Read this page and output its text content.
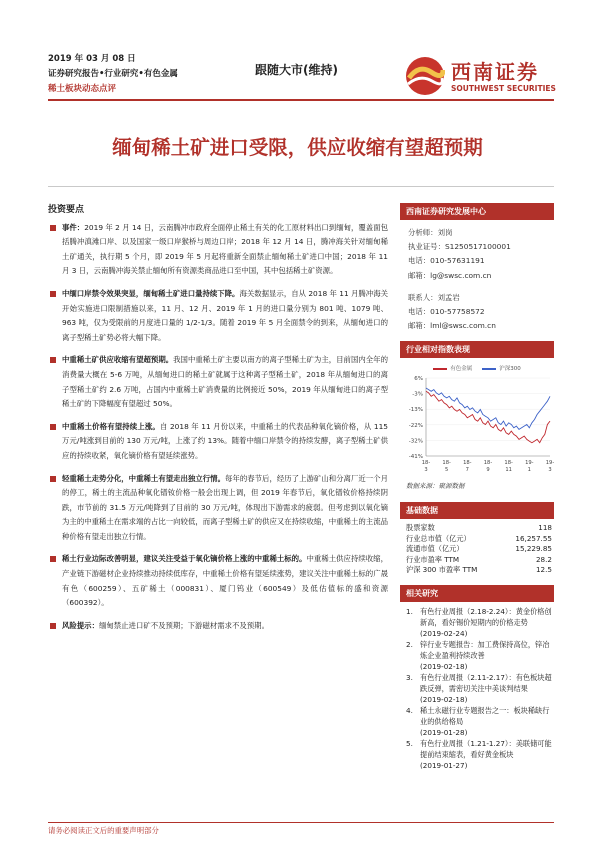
2019 年 03 月 08 日
证券研究报告•行业研究•有色金属
稀土板块动态点评
跟随大市(维持)	西南证券
SOUTHWEST SECURITIES
缅甸稀土矿进口受限，供应收缩有望超预期
投资要点
事件：2019 年 2 月 14 日，云南腾冲市政府全面停止稀土有关的化工原材料出口到缅甸，覆盖面包括腾冲滇滩口岸、以及国家一级口岸猴桥与周边口岸；2018 年 12 月 14 日，腾冲海关针对缅甸稀土矿通关，执行期 5 个月，即 2019 年 5 月起将重新全面禁止缅甸稀土矿进口中国；2018 年 11 月 3 日，云南腾冲海关禁止缅甸所有资源类商品进口至中国，其中包括稀土矿资源。
中缅口岸禁令效果突显，缅甸稀土矿进口量持续下降。海关数据显示，自从 2018 年 11 月腾冲海关开始实施进口限制措施以来，11 月、12 月、2019 年 1 月的进口量分别为 801 吨、1079 吨、963 吨，仅为受限前的月度进口量的 1/2-1/3。随着 2019 年 5 月全面禁令的到来，从缅甸进口的离子型稀土矿势必将大幅下降。
中重稀土矿供应收缩有望超预期。我国中重稀土矿主要以南方的离子型稀土矿为主，目前国内全年的消费量大概在 5-6 万吨，从缅甸进口的稀土矿就属于这种离子型稀土矿，2018 年从缅甸进口的离子型稀土矿约 2.6 万吨，占国内中重稀土矿消费量的比例接近 50%，2019 年从缅甸进口的离子型稀土矿的下降幅度有望超过 50%。
中重稀土价格有望持续上涨。自 2018 年 11 月份以来，中重稀土的代表品种氧化镝价格，从 115 万元/吨涨到目前的 130 万元/吨，上涨了约 13%。随着中缅口岸禁令的持续发酵，离子型稀土矿供应的持续收紧，氧化镝价格有望延续涨势。
轻重稀土走势分化，中重稀土有望走出独立行情。每年的春节后，经历了上游矿山和分离厂近一个月的停工，稀土的主流品种氧化镨钕价格一般会出现上调，但 2019 年春节后，氧化镨钕价格持续阴跌，市节前的 31.5 万元/吨降到了目前的 30 万元/吨，体现出下游需求的疲弱。但考虑到以氧化镝为主的中重稀土在需求端的占比一向较低，而离子型稀土矿的供应又在持续收缩，中重稀土的主流品种价格有望走出独立行情。
稀土行业边际改善明显，建议关注受益于氧化镝价格上涨的中重稀土标的。中重稀土供应持续收缩，产业链下游磁材企业持续推动持续低库存，中重稀土价格有望延续涨势，建议关注中重稀土标的广晟有色（600259）、五矿稀土（000831）、厦门钨业（600549）及低估值标的盛和资源（600392）。
风险提示：缅甸禁止进口矿不及预期；下游磁材需求不及预期。
西南证券研究发展中心
分析师：刘岗
执业证号：S1250517100001
电话：010-57631191
邮箱：lg@swsc.com.cn
联系人：刘孟岩
电话：010-57758572
邮箱：lml@swsc.com.cn
行业相对指数表现
有色金属	沪深300
6%
-3%
-13%
-22%
-32%
-41%
18-
3
18-
5
18-
7
18-
9
18-
11
19-
1
19-
3
数据来源：聚源数据
基础数据
股票家数	118
行业总市值（亿元）	16,257.55
流通市值（亿元）	15,229.85
行业市盈率 TTM	28.2
沪深 300 市盈率 TTM	12.5
相关研究
1. 有色行业周报（2.18-2.24）：黄金价格创新高，看好锡价短期内的价格走势
(2019-02-24)
2. 锌行业专题报告：加工费保持高位，锌冶炼企业盈利持续改善
(2019-02-18)
3. 有色行业周报（2.11-2.17）：有色板块超跌反弹，需密切关注中美谈判结果
(2019-02-18)
4. 稀土永磁行业专题报告之一：板块稀缺行业的供给格局
(2019-01-28)
5. 有色行业周报（1.21-1.27）：美联储可能提前结束缩表，看好黄金板块
(2019-01-27)
请务必阅读正文后的重要声明部分
